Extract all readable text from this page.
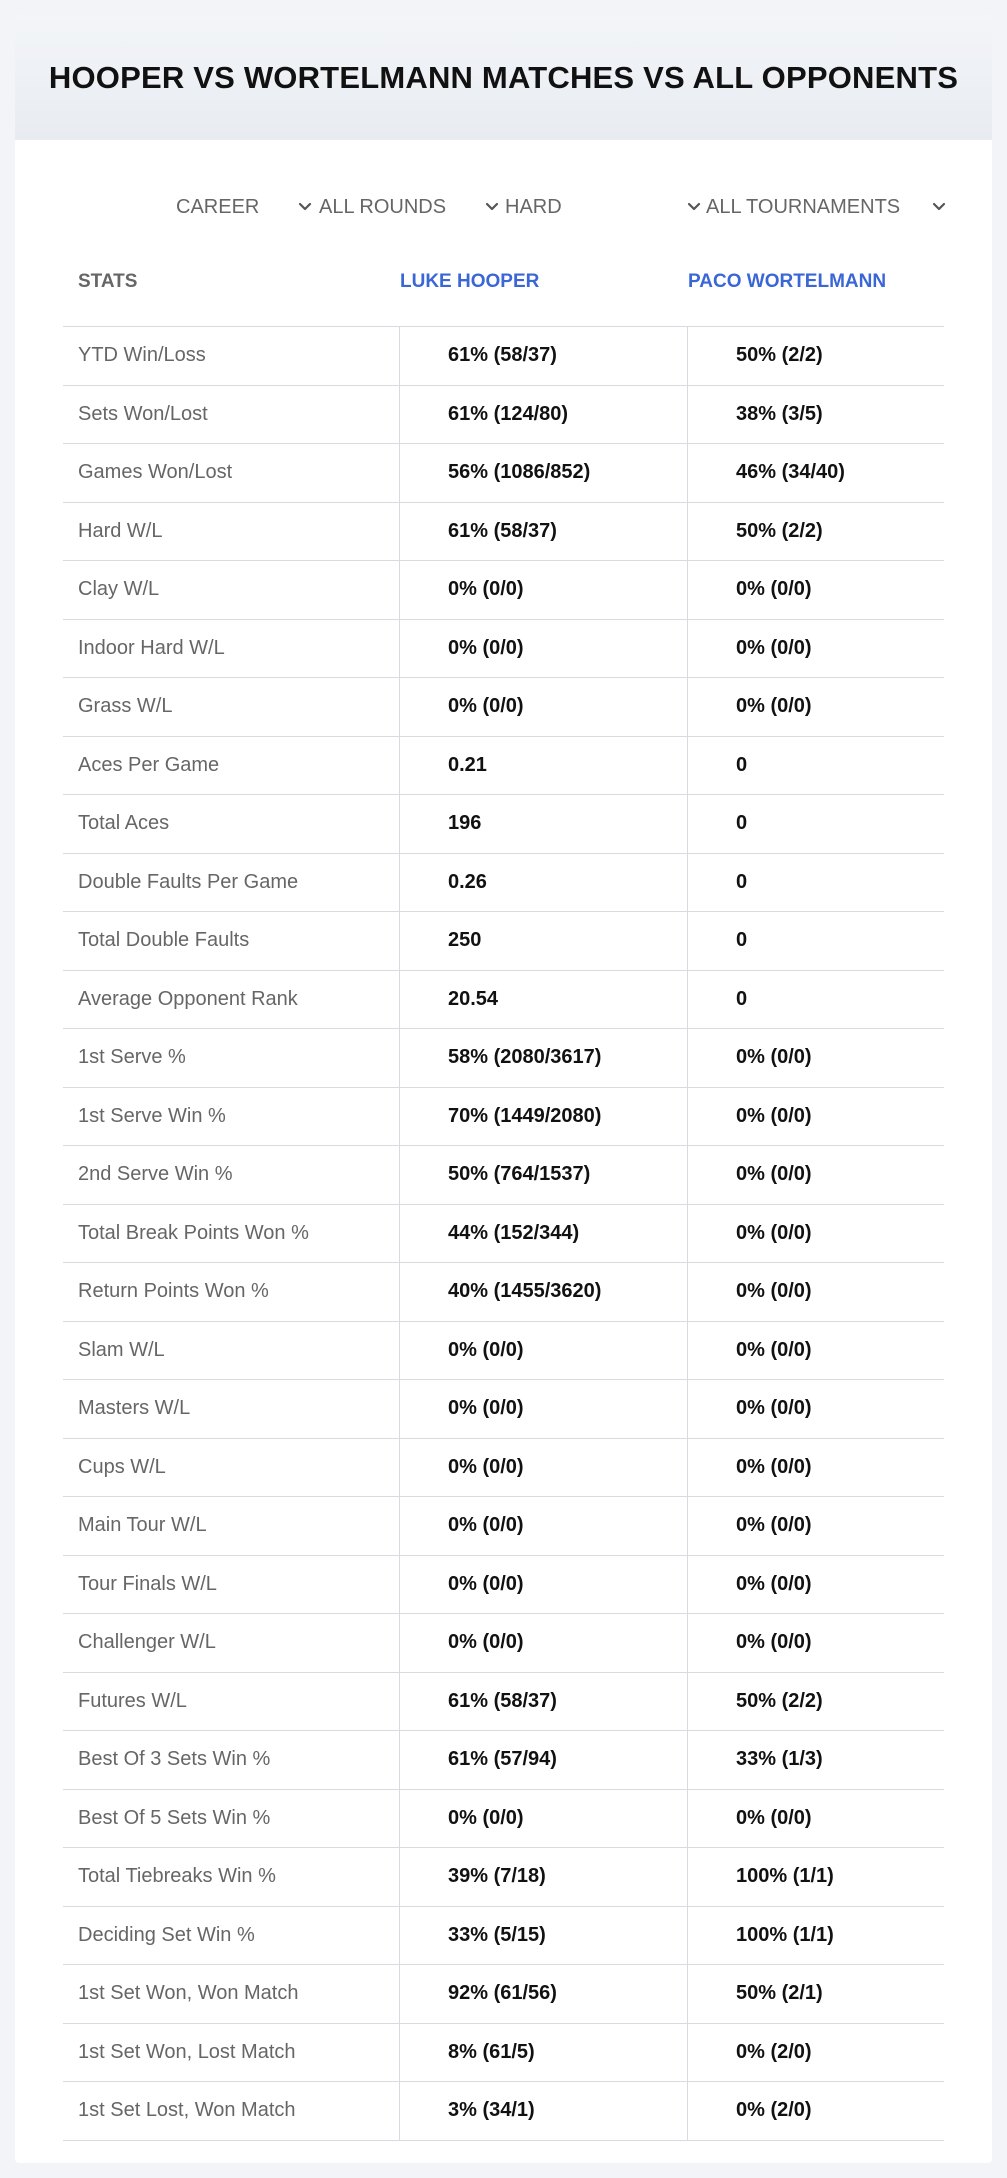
HOOPER VS WORTELMANN MATCHES VS ALL OPPONENTS
CAREER	ALL ROUNDS	HARD	ALL TOURNAMENTS
STATS	LUKE HOOPER	PACO WORTELMANN
YTD Win/Loss	61% (58/37)	50% (2/2)
Sets Won/Lost	61% (124/80)	38% (3/5)
Games Won/Lost	56% (1086/852)	46% (34/40)
Hard W/L	61% (58/37)	50% (2/2)
Clay W/L	0% (0/0)	0% (0/0)
Indoor Hard W/L	0% (0/0)	0% (0/0)
Grass W/L	0% (0/0)	0% (0/0)
Aces Per Game	0.21	0
Total Aces	196	0
Double Faults Per Game	0.26	0
Total Double Faults	250	0
Average Opponent Rank	20.54	0
1st Serve %	58% (2080/3617)	0% (0/0)
1st Serve Win %	70% (1449/2080)	0% (0/0)
2nd Serve Win %	50% (764/1537)	0% (0/0)
Total Break Points Won %	44% (152/344)	0% (0/0)
Return Points Won %	40% (1455/3620)	0% (0/0)
Slam W/L	0% (0/0)	0% (0/0)
Masters W/L	0% (0/0)	0% (0/0)
Cups W/L	0% (0/0)	0% (0/0)
Main Tour W/L	0% (0/0)	0% (0/0)
Tour Finals W/L	0% (0/0)	0% (0/0)
Challenger W/L	0% (0/0)	0% (0/0)
Futures W/L	61% (58/37)	50% (2/2)
Best Of 3 Sets Win %	61% (57/94)	33% (1/3)
Best Of 5 Sets Win %	0% (0/0)	0% (0/0)
Total Tiebreaks Win %	39% (7/18)	100% (1/1)
Deciding Set Win %	33% (5/15)	100% (1/1)
1st Set Won, Won Match	92% (61/56)	50% (2/1)
1st Set Won, Lost Match	8% (61/5)	0% (2/0)
1st Set Lost, Won Match	3% (34/1)	0% (2/0)
